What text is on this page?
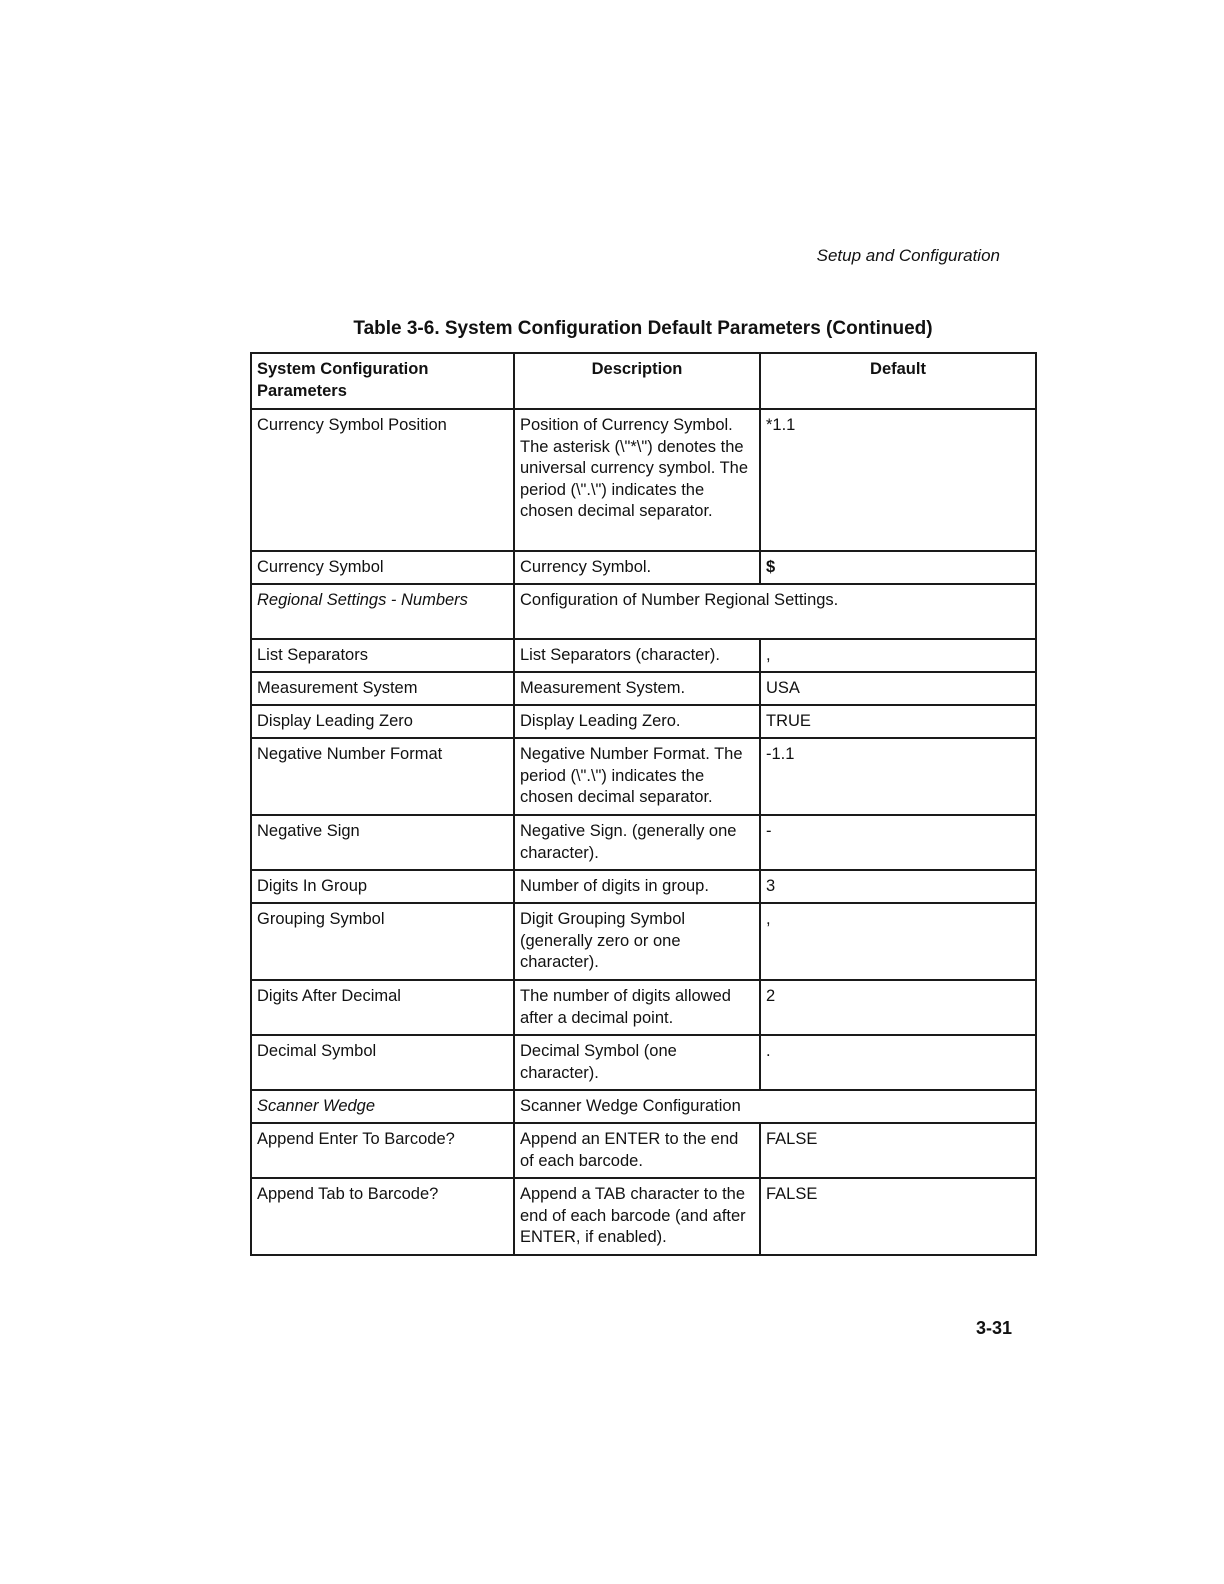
Setup and Configuration
Table 3-6. System Configuration Default Parameters (Continued)
System Configuration Parameters	Description	Default
Currency Symbol Position	Position of Currency Symbol. The asterisk (\"*\") denotes the universal currency symbol. The period (\".\") indicates the chosen decimal separator.	*1.1
Currency Symbol	Currency Symbol.	$
Regional Settings - Numbers	Configuration of Number Regional Settings.	
List Separators	List Separators (character).	,
Measurement System	Measurement System.	USA
Display Leading Zero	Display Leading Zero.	TRUE
Negative Number Format	Negative Number Format. The period (\".\") indicates the chosen decimal separator.	-1.1
Negative Sign	Negative Sign. (generally one character).	-
Digits In Group	Number of digits in group.	3
Grouping Symbol	Digit Grouping Symbol (generally zero or one character).	,
Digits After Decimal	The number of digits allowed after a decimal point.	2
Decimal Symbol	Decimal Symbol (one character).	.
Scanner Wedge	Scanner Wedge Configuration	
Append Enter To Barcode?	Append an ENTER to the end of each barcode.	FALSE
Append Tab to Barcode?	Append a TAB character to the end of each barcode (and after ENTER, if enabled).	FALSE
3-31
